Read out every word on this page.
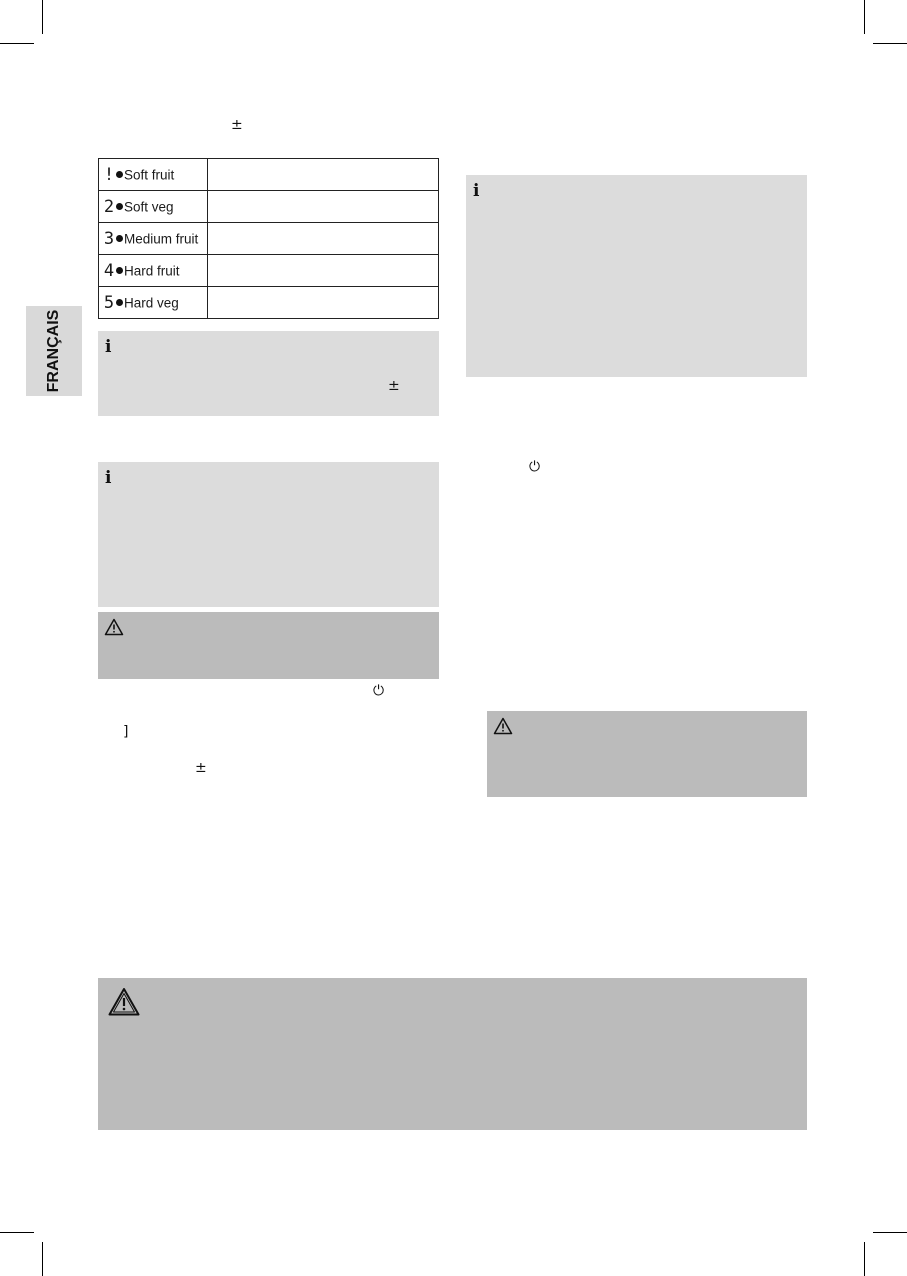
FRANÇAIS
±
! Soft fruit	
2 Soft veg	
3 Medium fruit	
4 Hard fruit	
5 Hard veg	
i
±
i
⏻
]
±
i
⏻
